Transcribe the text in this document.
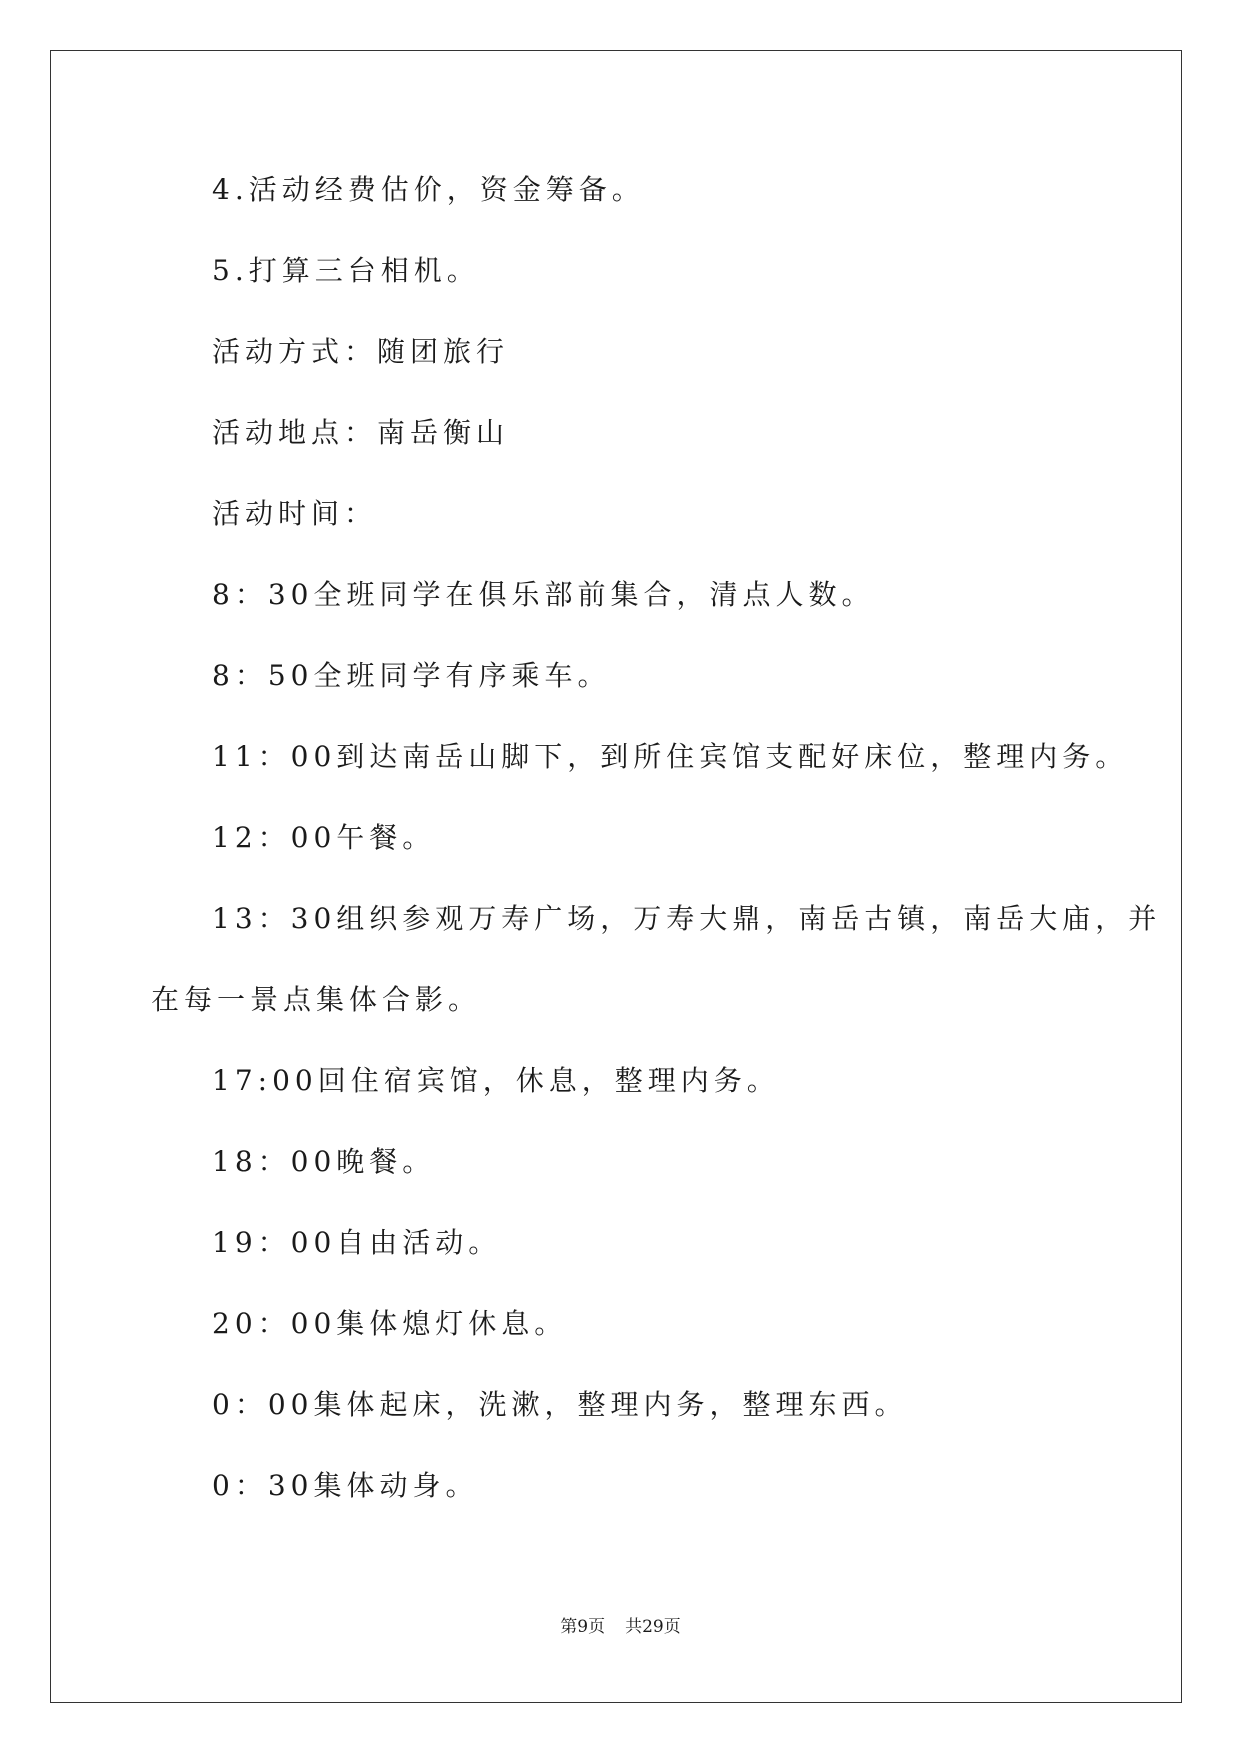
4.活动经费估价，资金筹备。
5.打算三台相机。
活动方式：随团旅行
活动地点：南岳衡山
活动时间：
8：30全班同学在俱乐部前集合，清点人数。
8：50全班同学有序乘车。
11：00到达南岳山脚下，到所住宾馆支配好床位，整理内务。
12：00午餐。
13：30组织参观万寿广场，万寿大鼎，南岳古镇，南岳大庙，并
在每一景点集体合影。
17:00回住宿宾馆，休息，整理内务。
18：00晚餐。
19：00自由活动。
20：00集体熄灯休息。
0：00集体起床，洗漱，整理内务，整理东西。
0：30集体动身。
第9页 共29页
